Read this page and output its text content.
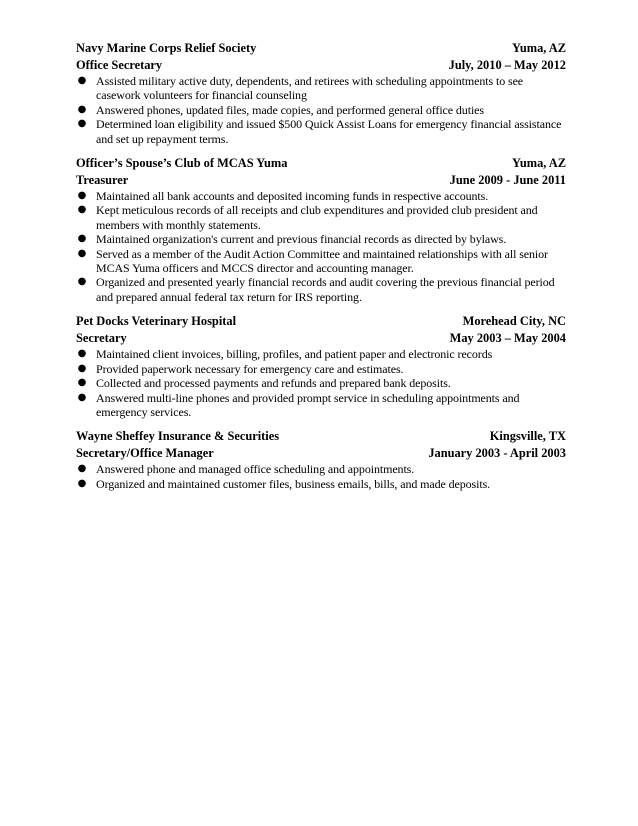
Navy Marine Corps Relief Society	Yuma, AZ
Office Secretary	July, 2010 – May 2012
● Assisted military active duty, dependents, and retirees with scheduling appointments to see casework volunteers for financial counseling
● Answered phones, updated files, made copies, and performed general office duties
● Determined loan eligibility and issued $500 Quick Assist Loans for emergency financial assistance and set up repayment terms.
Officer’s Spouse’s Club of MCAS Yuma	Yuma, AZ
Treasurer	June 2009 - June 2011
● Maintained all bank accounts and deposited incoming funds in respective accounts.
● Kept meticulous records of all receipts and club expenditures and provided club president and members with monthly statements.
● Maintained organization's current and previous financial records as directed by bylaws.
● Served as a member of the Audit Action Committee and maintained relationships with all senior MCAS Yuma officers and MCCS director and accounting manager.
● Organized and presented yearly financial records and audit covering the previous financial period and prepared annual federal tax return for IRS reporting.
Pet Docks Veterinary Hospital	Morehead City, NC
Secretary	May 2003 – May 2004
● Maintained client invoices, billing, profiles, and patient paper and electronic records
● Provided paperwork necessary for emergency care and estimates.
● Collected and processed payments and refunds and prepared bank deposits.
● Answered multi-line phones and provided prompt service in scheduling appointments and emergency services.
Wayne Sheffey Insurance & Securities	Kingsville, TX
Secretary/Office Manager	January 2003 - April 2003
● Answered phone and managed office scheduling and appointments.
● Organized and maintained customer files, business emails, bills, and made deposits.
